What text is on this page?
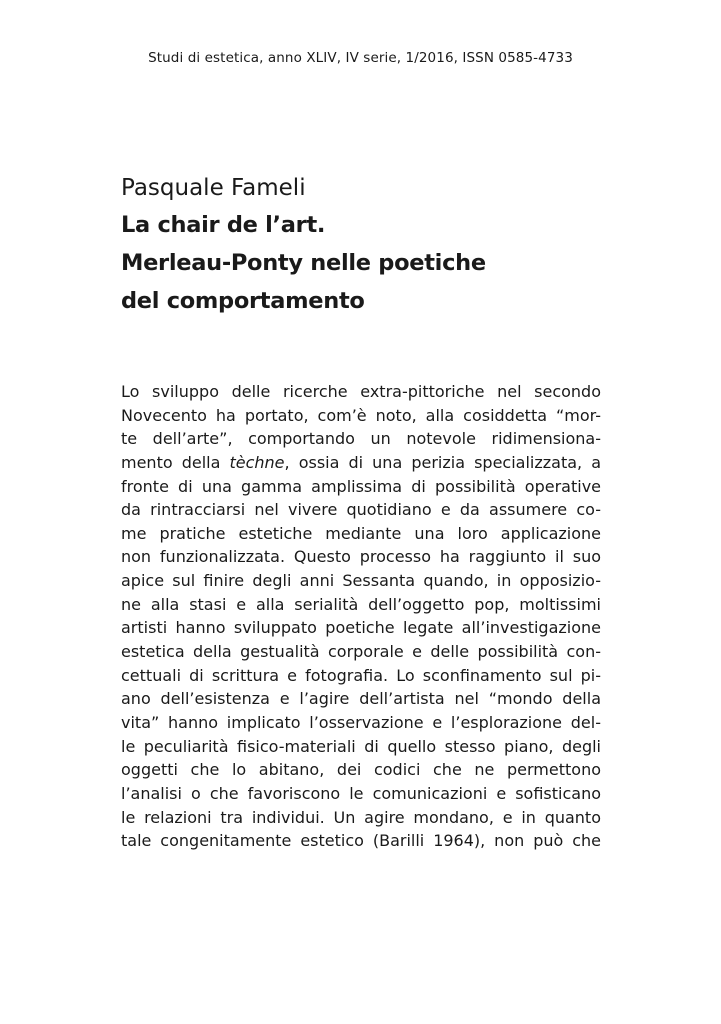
Studi di estetica, anno XLIV, IV serie, 1/2016, ISSN 0585-4733

Pasquale Fameli

La chair de l’art.

Merleau-Ponty nelle poetiche

del comportamento

Lo sviluppo delle ricerche extra-pittoriche nel secondo
Novecento ha portato, com’è noto, alla cosiddetta “mor-
te dell’arte”, comportando un notevole ridimensiona-
mento della tèchne, ossia di una perizia specializzata, a
fronte di una gamma amplissima di possibilità operative
da rintracciarsi nel vivere quotidiano e da assumere co-
me pratiche estetiche mediante una loro applicazione
non funzionalizzata. Questo processo ha raggiunto il suo
apice sul finire degli anni Sessanta quando, in opposizio-
ne alla stasi e alla serialità dell’oggetto pop, moltissimi
artisti hanno sviluppato poetiche legate all’investigazione
estetica della gestualità corporale e delle possibilità con-
cettuali di scrittura e fotografia. Lo sconfinamento sul pi-
ano dell’esistenza e l’agire dell’artista nel “mondo della
vita” hanno implicato l’osservazione e l’esplorazione del-
le peculiarità fisico-materiali di quello stesso piano, degli
oggetti che lo abitano, dei codici che ne permettono
l’analisi o che favoriscono le comunicazioni e sofisticano
le relazioni tra individui. Un agire mondano, e in quanto
tale congenitamente estetico (Barilli 1964), non può che
